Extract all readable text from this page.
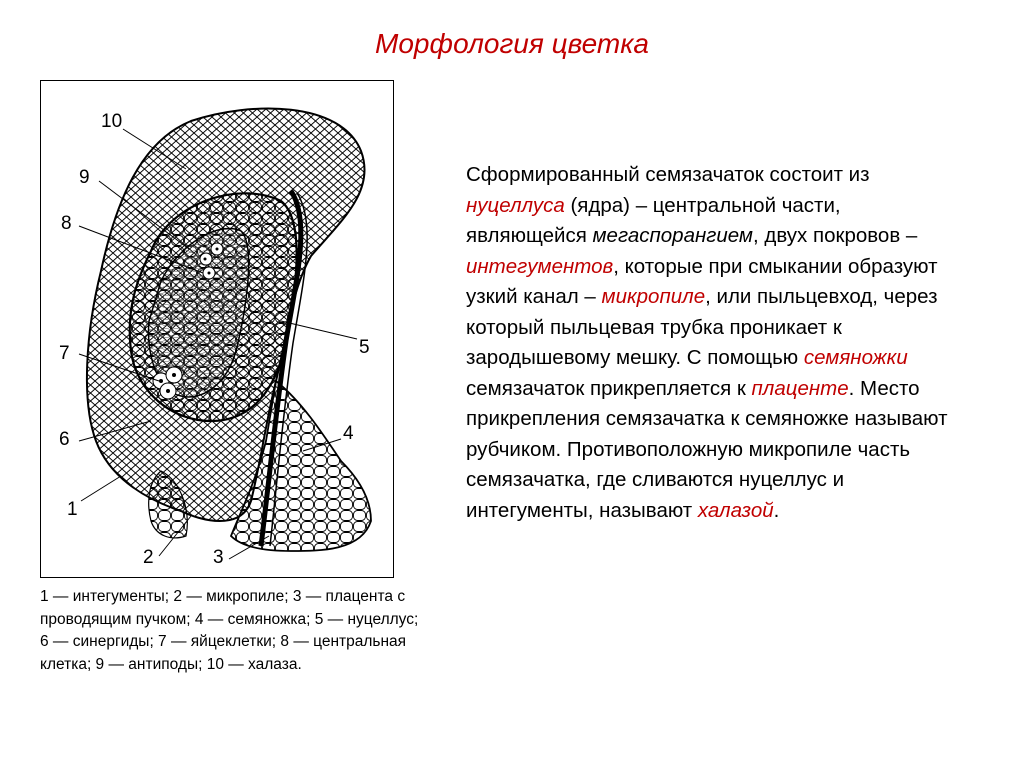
Морфология цветка
10
9
8
7
6
1
2	3
4
5
1 — интегументы; 2 — микропиле; 3 — плацента с проводящим пучком; 4 — семяножка; 5 — нуцеллус; 6 — синергиды; 7 — яйцеклетки; 8 — центральная клетка; 9 — антиподы; 10 — халаза.
Сформированный семязачаток состоит из нуцеллуса (ядра) – центральной части, являющейся мегаспорангием, двух покровов – интегументов, которые при смыкании образуют узкий канал – микропиле, или пыльцевход, через который пыльцевая трубка проникает к зародышевому мешку. С помощью семяножки семязачаток прикрепляется к плаценте. Место прикрепления семязачатка к семяножке называют рубчиком. Противоположную микропиле часть семязачатка, где сливаются нуцеллус и интегументы, называют халазой.
